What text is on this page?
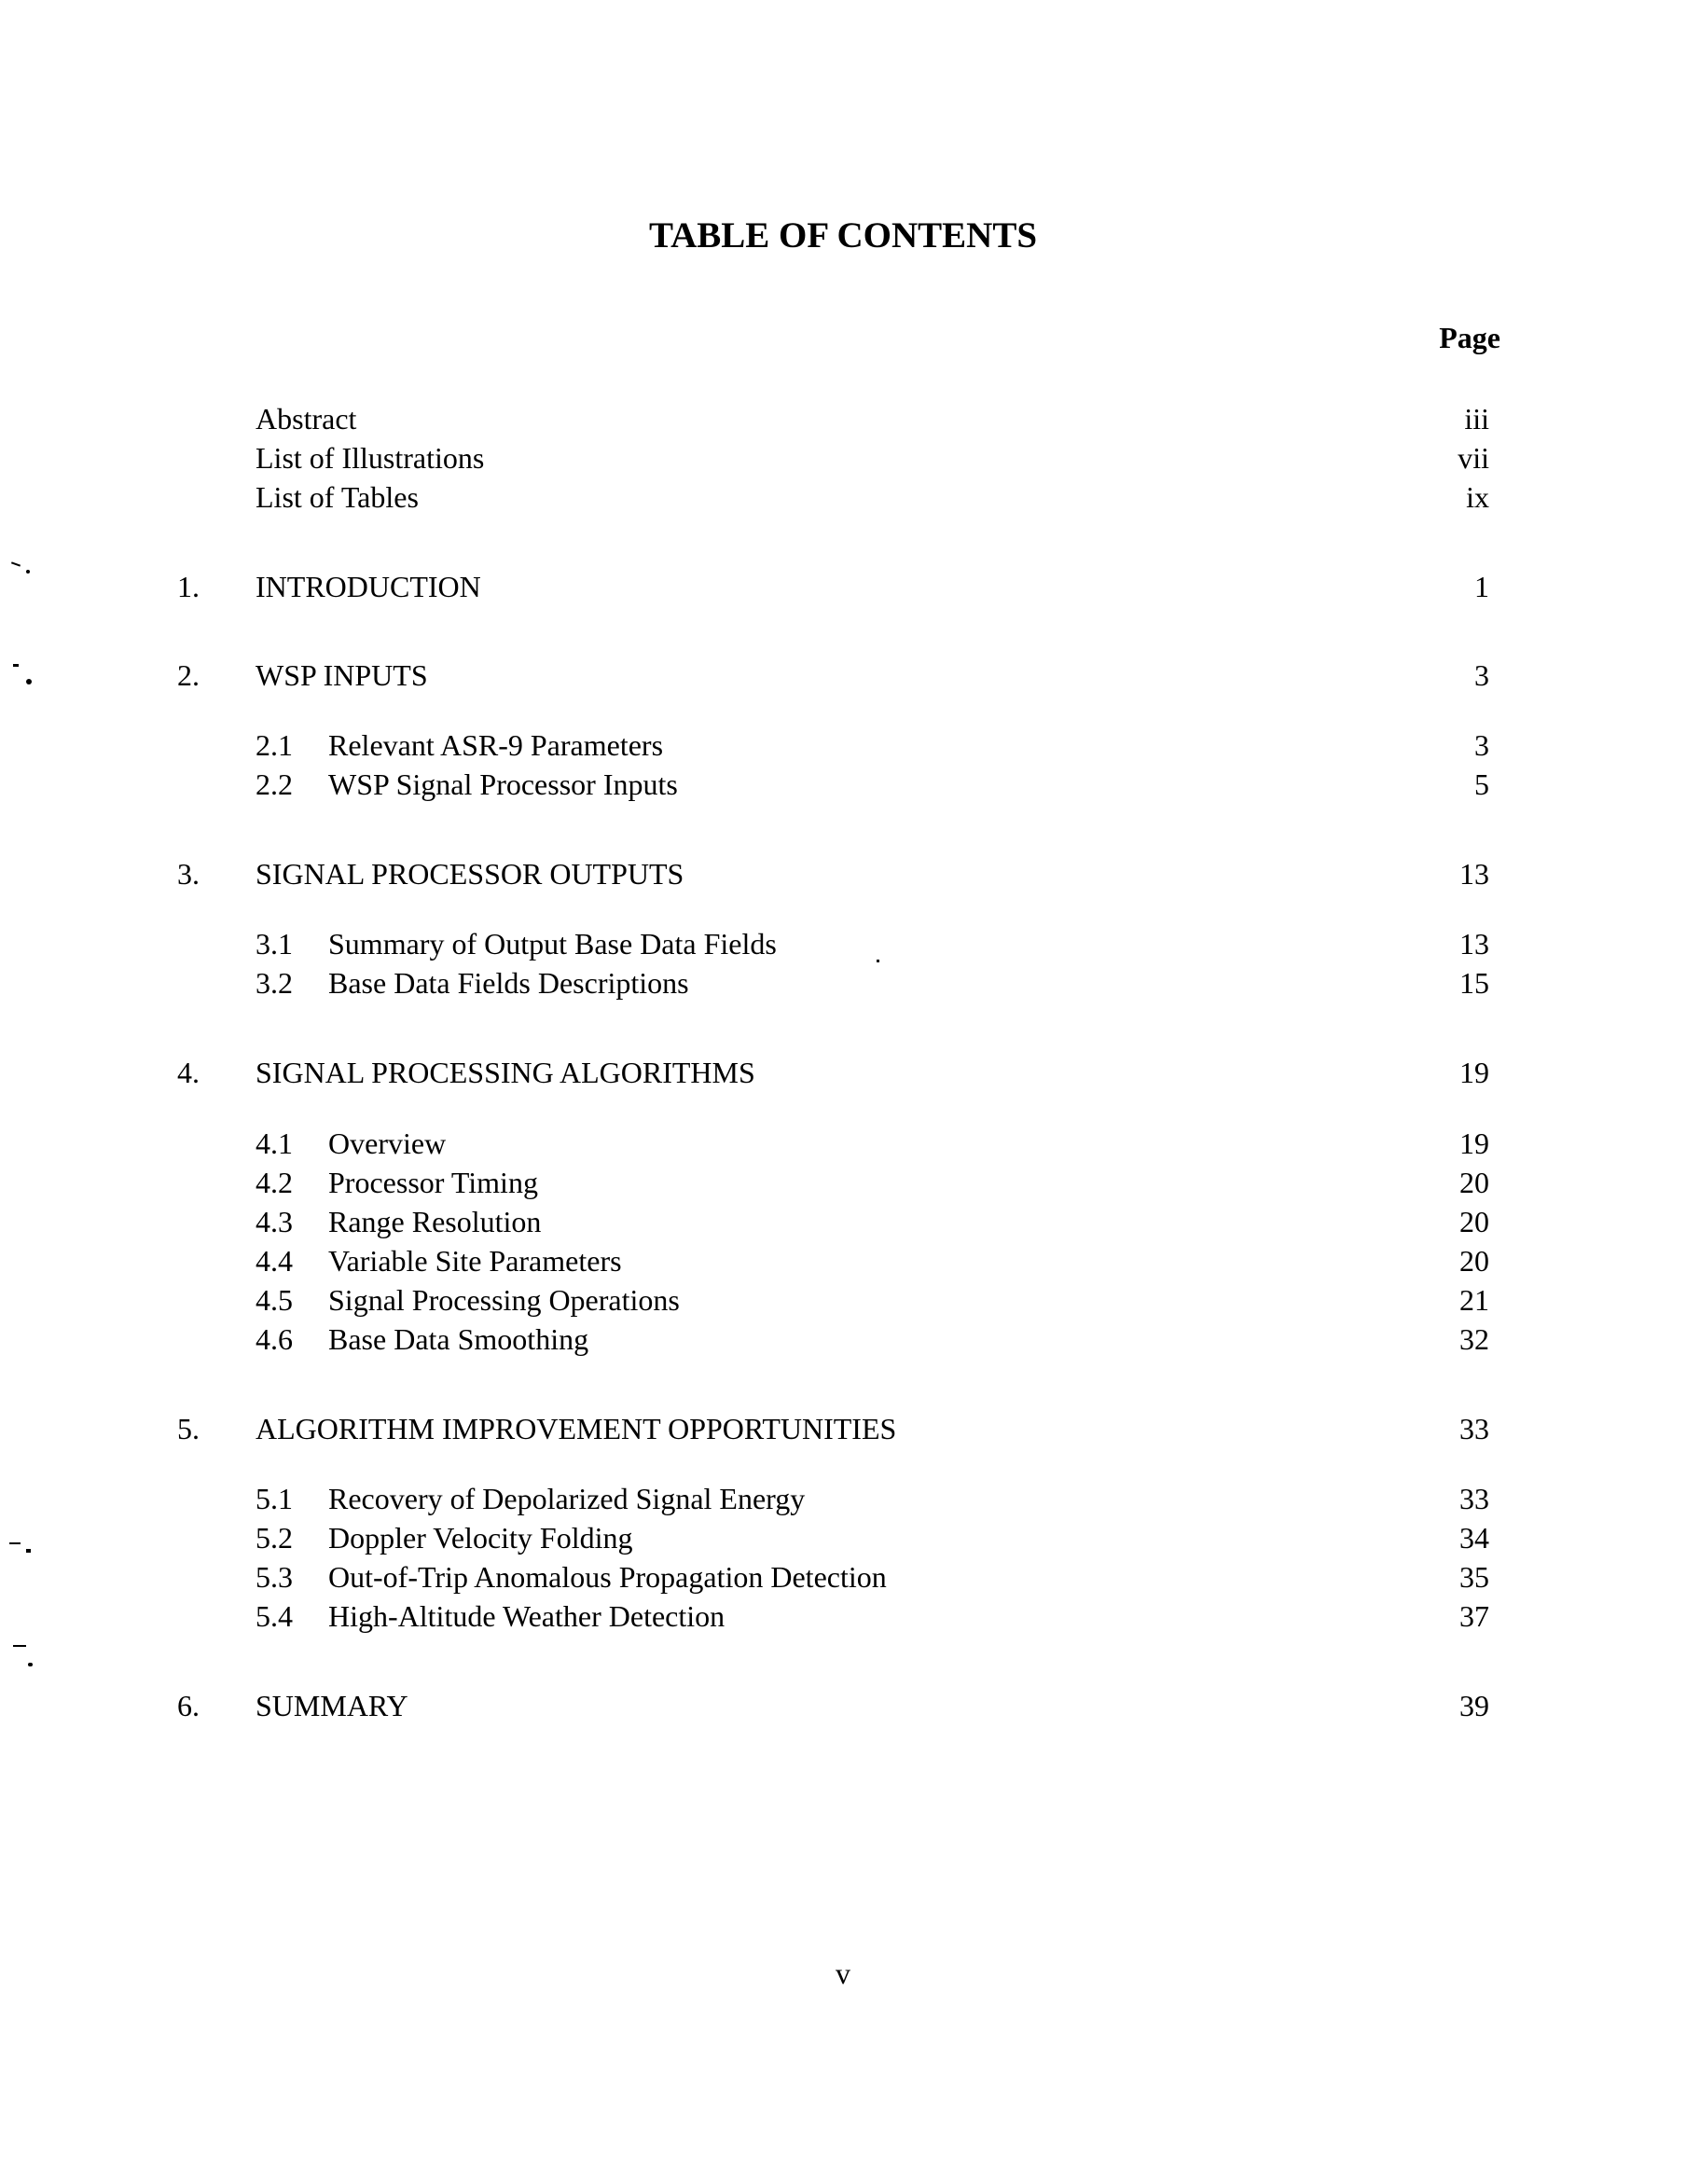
TABLE OF CONTENTS
Page
Abstract	iii
List of Illustrations	vii
List of Tables	ix
1. INTRODUCTION	1
2. WSP INPUTS	3
2.1 Relevant ASR-9 Parameters	3
2.2 WSP Signal Processor Inputs	5
3. SIGNAL PROCESSOR OUTPUTS	13
3.1 Summary of Output Base Data Fields	13
3.2 Base Data Fields Descriptions	15
4. SIGNAL PROCESSING ALGORITHMS	19
4.1 Overview	19
4.2 Processor Timing	20
4.3 Range Resolution	20
4.4 Variable Site Parameters	20
4.5 Signal Processing Operations	21
4.6 Base Data Smoothing	32
5. ALGORITHM IMPROVEMENT OPPORTUNITIES	33
5.1 Recovery of Depolarized Signal Energy	33
5.2 Doppler Velocity Folding	34
5.3 Out-of-Trip Anomalous Propagation Detection	35
5.4 High-Altitude Weather Detection	37
6. SUMMARY	39
v
